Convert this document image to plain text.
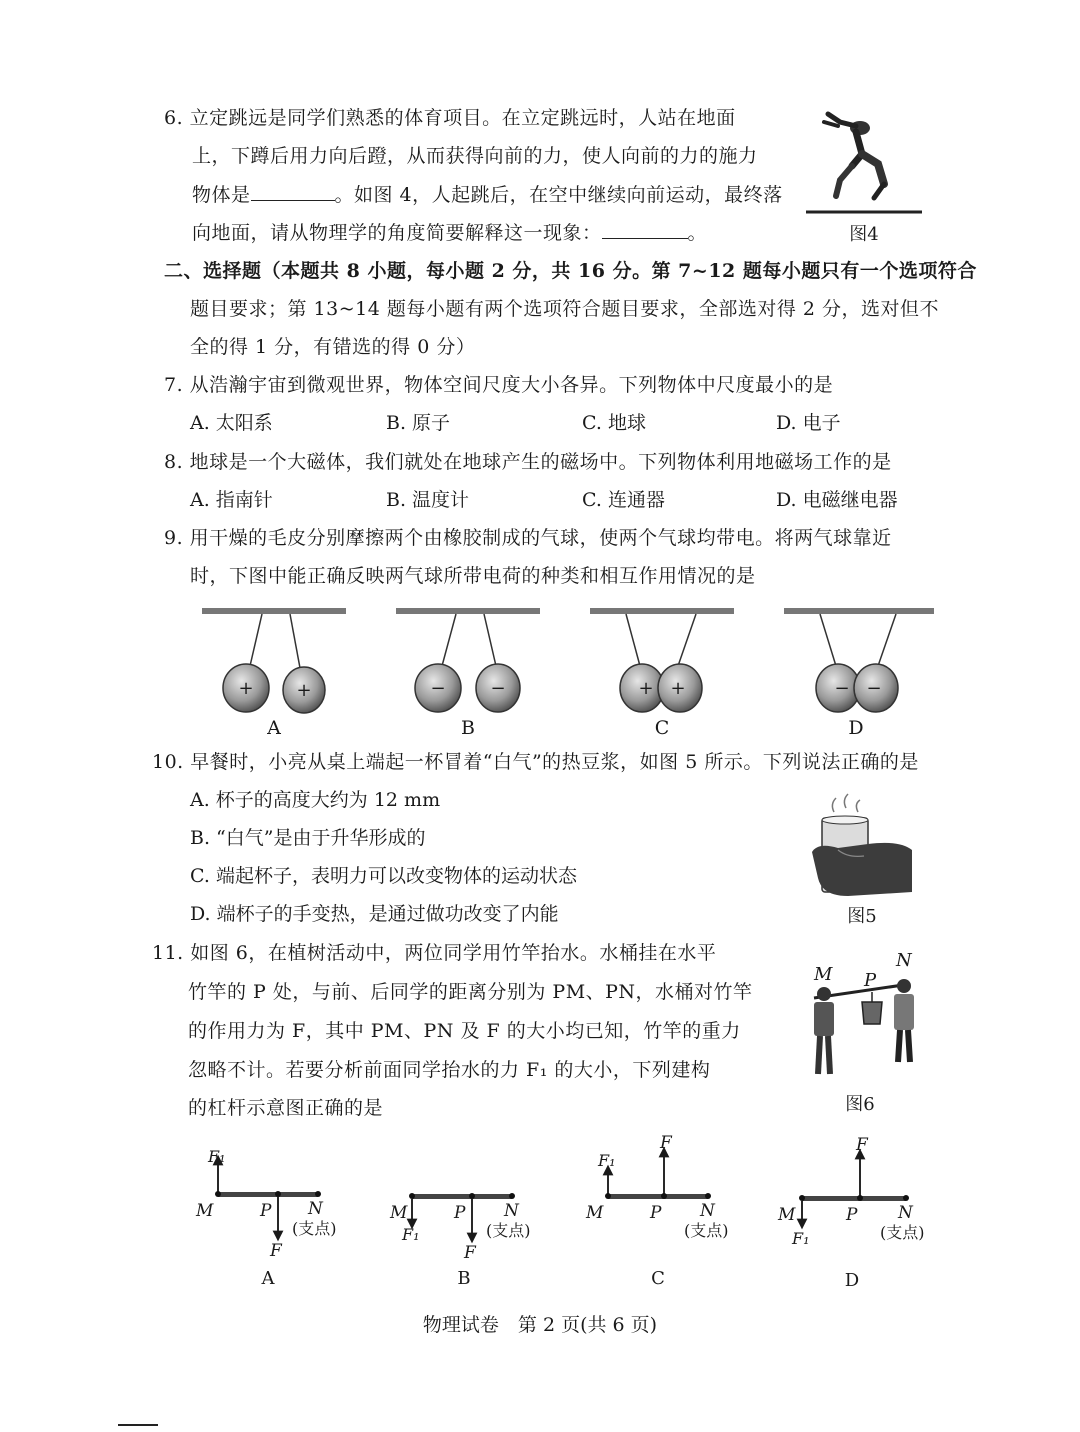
6. 立定跳远是同学们熟悉的体育项目。在立定跳远时，人站在地面
上，下蹲后用力向后蹬，从而获得向前的力，使人向前的力的施力
物体是	。如图 4，人起跳后，在空中继续向前运动，最终落
向地面，请从物理学的角度简要解释这一现象：	。	图4
二、选择题（本题共 8 小题，每小题 2 分，共 16 分。第 7~12 题每小题只有一个选项符合
题目要求；第 13~14 题每小题有两个选项符合题目要求，全部选对得 2 分，选对但不
全的得 1 分，有错选的得 0 分）
7. 从浩瀚宇宙到微观世界，物体空间尺度大小各异。下列物体中尺度最小的是
A. 太阳系	B. 原子	C. 地球	D. 电子
8. 地球是一个大磁体，我们就处在地球产生的磁场中。下列物体利用地磁场工作的是
A. 指南针	B. 温度计	C. 连通器	D. 电磁继电器
9. 用干燥的毛皮分别摩擦两个由橡胶制成的气球，使两个气球均带电。将两气球靠近
时，下图中能正确反映两气球所带电荷的种类和相互作用情况的是
+ +
A
− −
B
+ +
C
− −
D
10. 早餐时，小亮从桌上端起一杯冒着“白气”的热豆浆，如图 5 所示。下列说法正确的是
A. 杯子的高度大约为 12 mm
B. “白气”是由于升华形成的
C. 端起杯子，表明力可以改变物体的运动状态
D. 端杯子的手变热，是通过做功改变了内能	图5
11. 如图 6，在植树活动中，两位同学用竹竿抬水。水桶挂在水平
竹竿的 P 处，与前、后同学的距离分别为 PM、PN，水桶对竹竿
的作用力为 F，其中 PM、PN 及 F 的大小均已知，竹竿的重力
忽略不计。若要分析前面同学抬水的力 F₁ 的大小，下列建构
的杠杆示意图正确的是
M P
N
图6
F₁
M	P N
(支点)
F
A
M
F₁
P N
(支点)
F
B
F₁
F
M	P N
(支点)
C
F
M
F₁
P N
(支点)
D
物理试卷　第 2 页(共 6 页)
